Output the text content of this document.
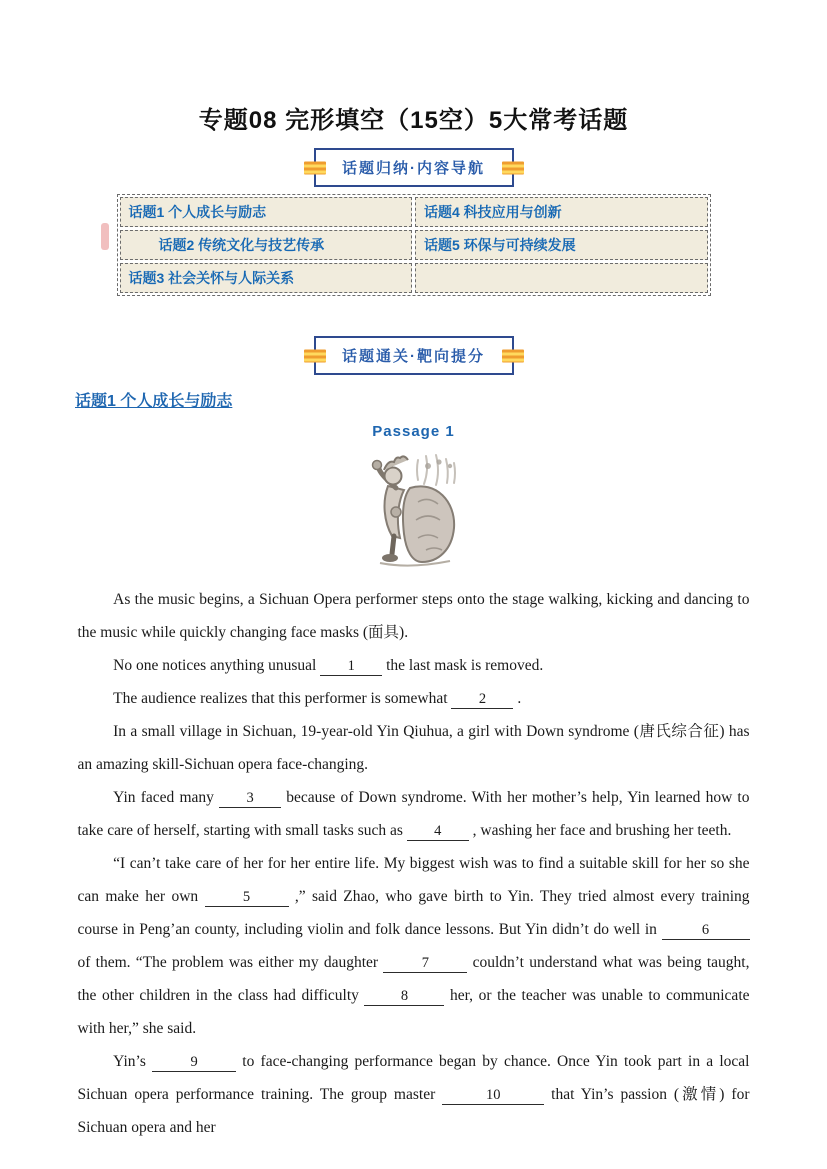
专题08 完形填空（15空）5大常考话题
话题归纳·内容导航
话题1 个人成长与励志	话题4 科技应用与创新
话题2 传统文化与技艺传承	话题5 环保与可持续发展
话题3 社会关怀与人际关系
话题通关·靶向提分
话题1 个人成长与励志
Passage 1

As the music begins, a Sichuan Opera performer steps onto the stage walking, kicking and dancing to the music while quickly changing face masks (面具).

No one notices anything unusual 1 the last mask is removed.

The audience realizes that this performer is somewhat 2 .

In a small village in Sichuan, 19-year-old Yin Qiuhua, a girl with Down syndrome (唐氏综合征) has an amazing skill-Sichuan opera face-changing.

Yin faced many 3 because of Down syndrome. With her mother’s help, Yin learned how to take care of herself, starting with small tasks such as 4 , washing her face and brushing her teeth.

“I can’t take care of her for her entire life. My biggest wish was to find a suitable skill for her so she can make her own	5 ,” said Zhao, who gave birth to Yin. They tried almost every training course in Peng’an county, including violin and folk dance lessons. But Yin didn’t do well in	6 of them. “The problem was either my daughter	7 couldn’t understand what was being taught, the other children in the class had difficulty	8 her, or the teacher was unable to communicate with her,” she said.

Yin’s	9 to face-changing performance began by chance. Once Yin took part in a local Sichuan opera performance training. The group master	10	that Yin’s passion (激情) for Sichuan opera and her
